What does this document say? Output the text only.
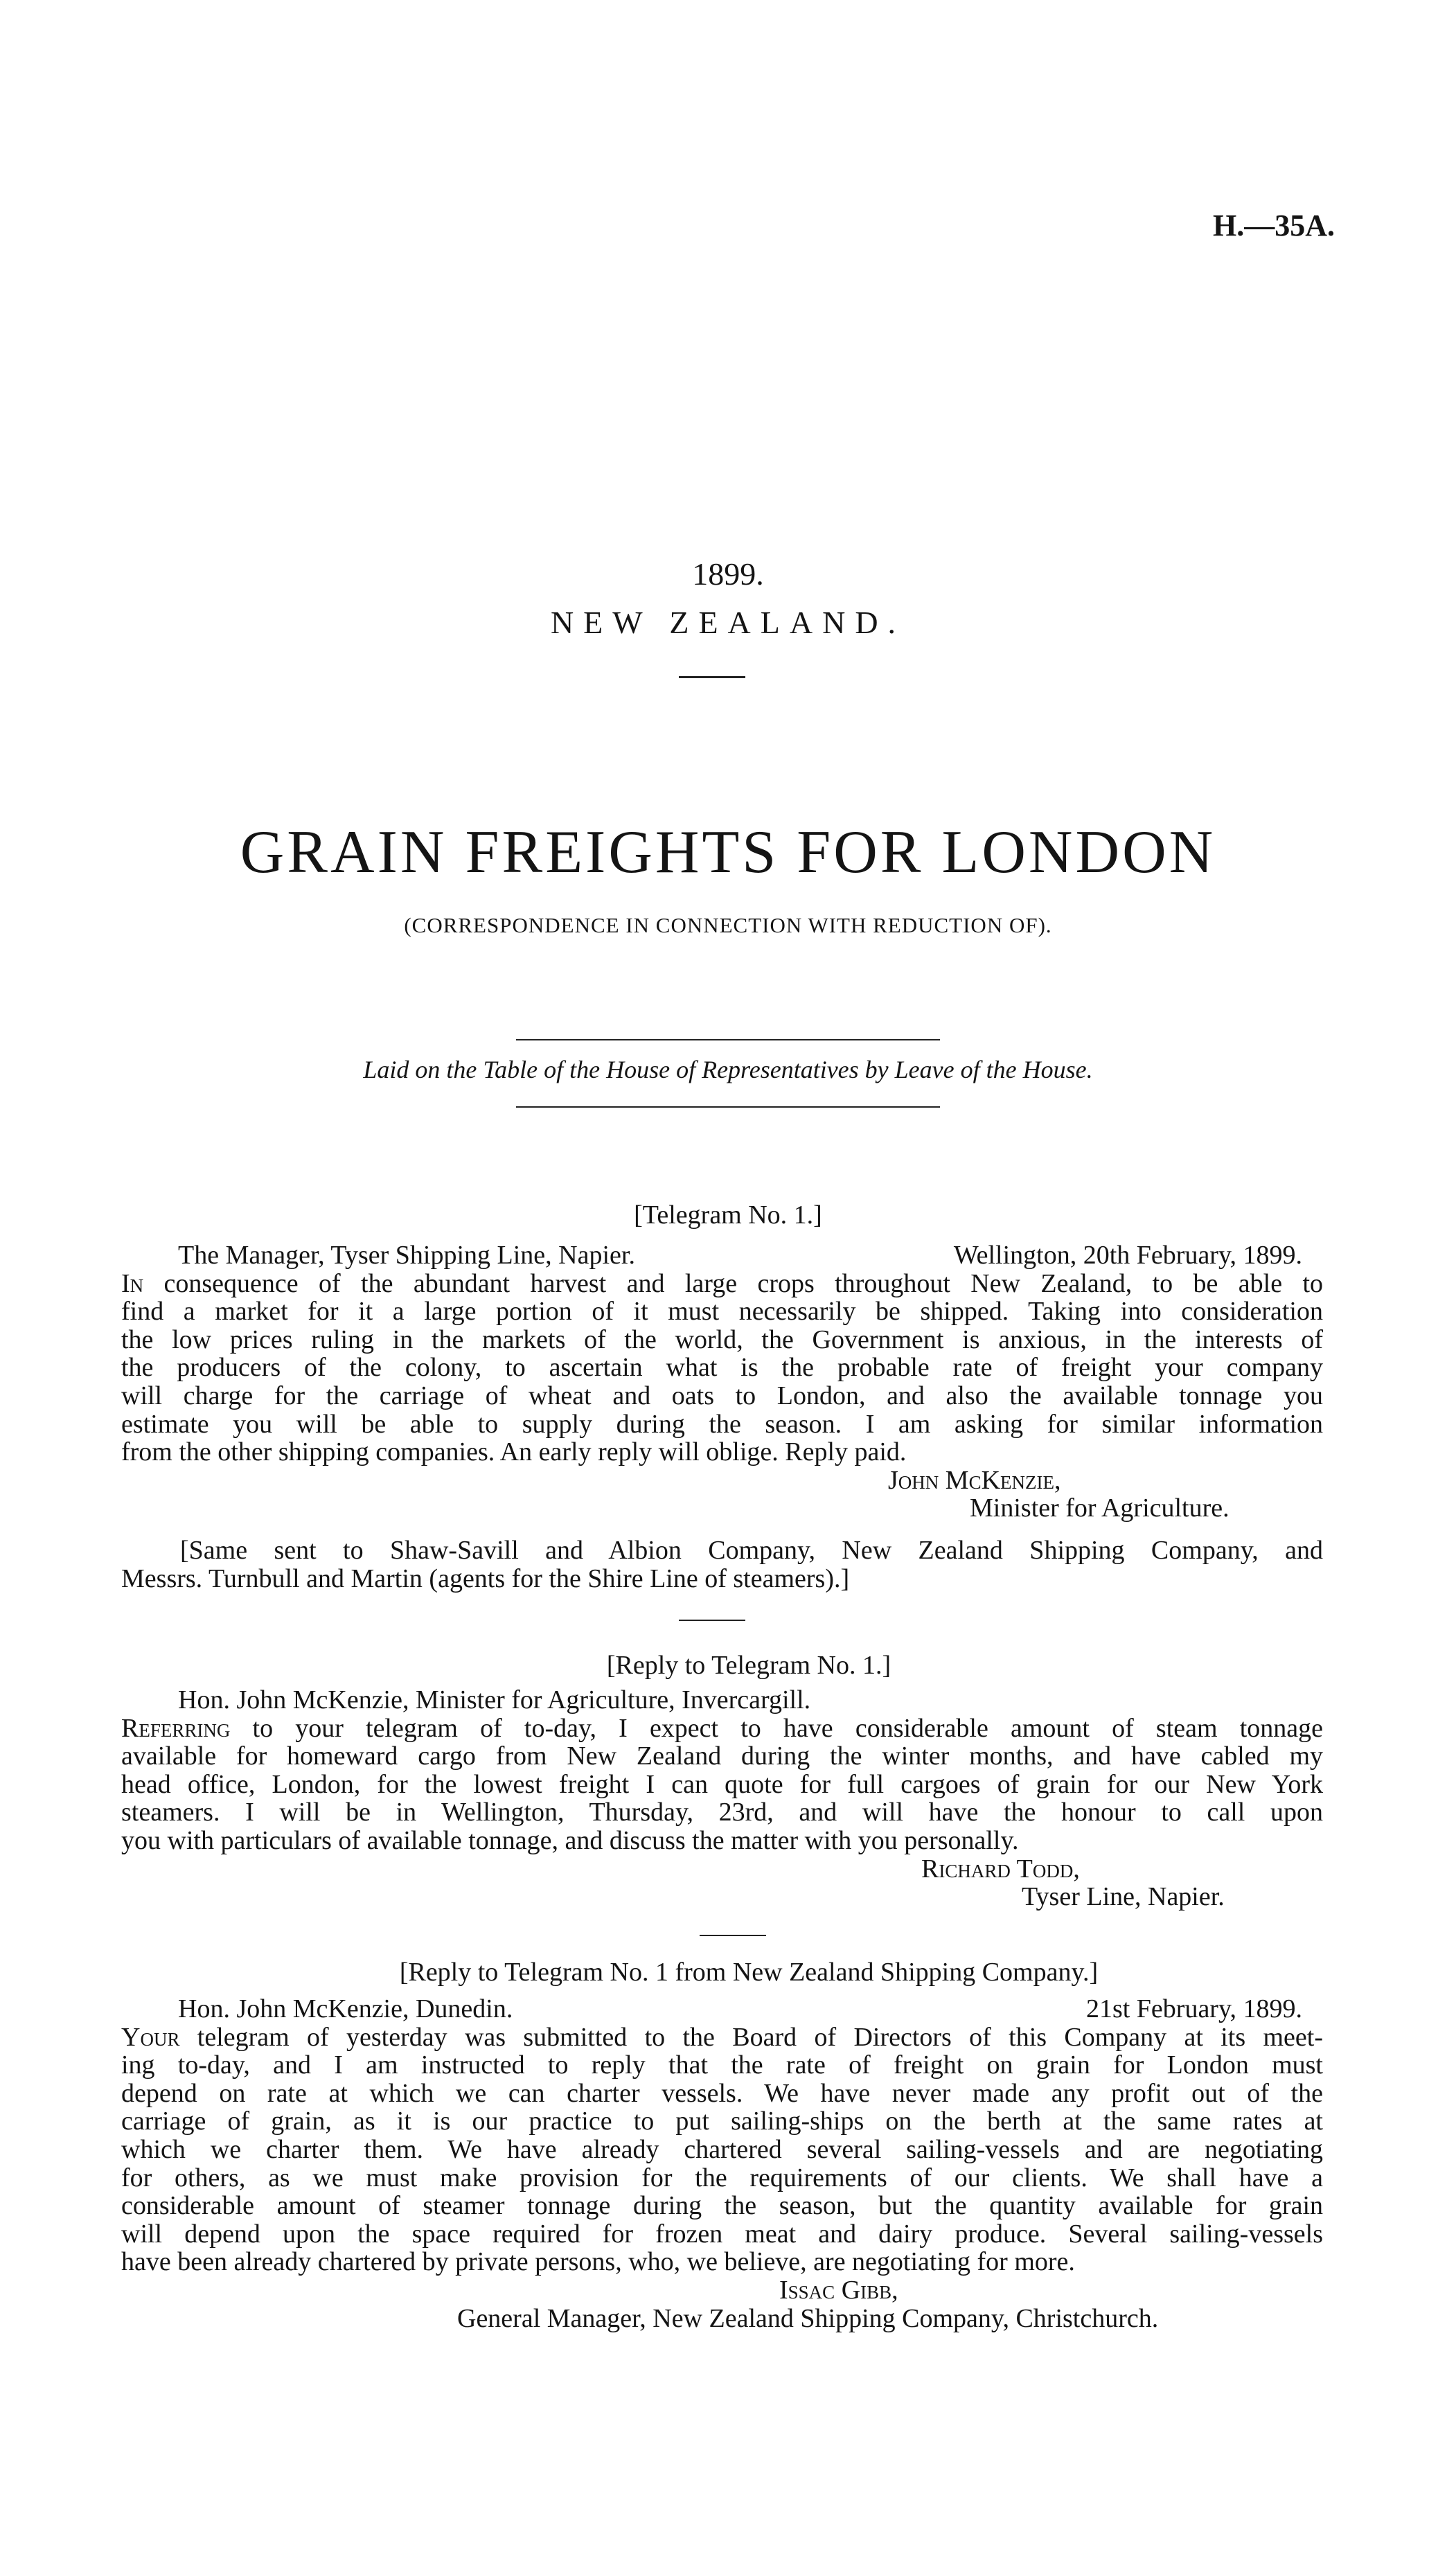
H.—35A.
1899.
NEW ZEALAND.
GRAIN FREIGHTS FOR LONDON
(CORRESPONDENCE IN CONNECTION WITH REDUCTION OF).
Laid on the Table of the House of Representatives by Leave of the House.
[Telegram No. 1.]
The Manager, Tyser Shipping Line, Napier.	Wellington, 20th February, 1899.
In consequence of the abundant harvest and large crops throughout New Zealand, to be able to
find a market for it a large portion of it must necessarily be shipped. Taking into consideration
the low prices ruling in the markets of the world, the Government is anxious, in the interests of
the producers of the colony, to ascertain what is the probable rate of freight your company
will charge for the carriage of wheat and oats to London, and also the available tonnage you
estimate you will be able to supply during the season. I am asking for similar information
from the other shipping companies. An early reply will oblige. Reply paid.
John McKenzie,
Minister for Agriculture.
[Same sent to Shaw-Savill and Albion Company, New Zealand Shipping Company, and
Messrs. Turnbull and Martin (agents for the Shire Line of steamers).]
[Reply to Telegram No. 1.]
Hon. John McKenzie, Minister for Agriculture, Invercargill.
Referring to your telegram of to-day, I expect to have considerable amount of steam tonnage
available for homeward cargo from New Zealand during the winter months, and have cabled my
head office, London, for the lowest freight I can quote for full cargoes of grain for our New York
steamers. I will be in Wellington, Thursday, 23rd, and will have the honour to call upon
you with particulars of available tonnage, and discuss the matter with you personally.
Richard Todd,
Tyser Line, Napier.
[Reply to Telegram No. 1 from New Zealand Shipping Company.]
Hon. John McKenzie, Dunedin.	21st February, 1899.
Your telegram of yesterday was submitted to the Board of Directors of this Company at its meet-
ing to-day, and I am instructed to reply that the rate of freight on grain for London must
depend on rate at which we can charter vessels. We have never made any profit out of the
carriage of grain, as it is our practice to put sailing-ships on the berth at the same rates at
which we charter them. We have already chartered several sailing-vessels and are negotiating
for others, as we must make provision for the requirements of our clients. We shall have a
considerable amount of steamer tonnage during the season, but the quantity available for grain
will depend upon the space required for frozen meat and dairy produce. Several sailing-vessels
have been already chartered by private persons, who, we believe, are negotiating for more.
Issac Gibb,
General Manager, New Zealand Shipping Company, Christchurch.
